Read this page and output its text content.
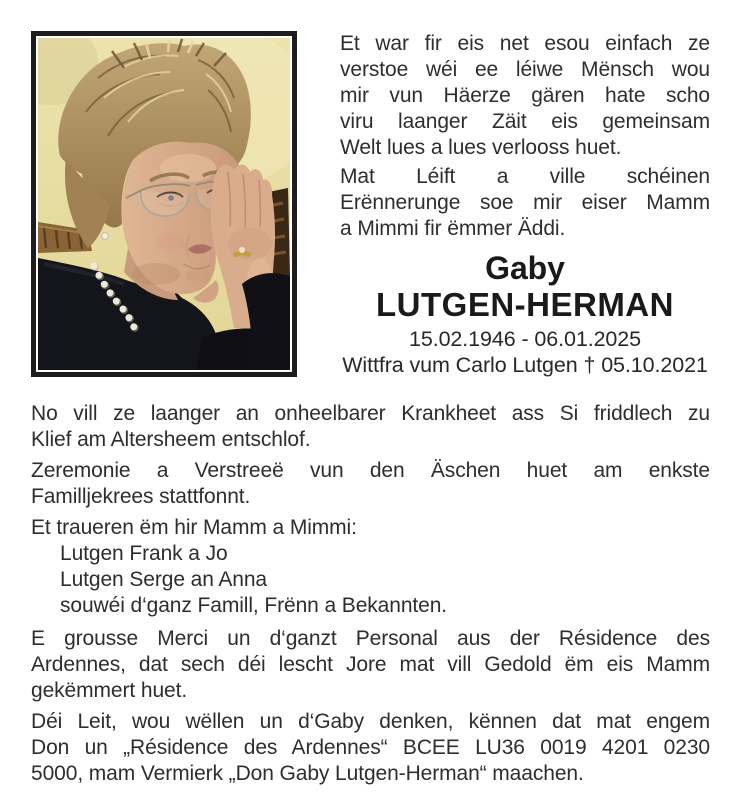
Et war fir eis net esou einfach ze
verstoe wéi ee léiwe Mënsch wou
mir vun Häerze gären hate scho
viru laanger Zäit eis gemeinsam
Welt lues a lues verlooss huet.
Mat Léift a ville schéinen
Erënnerunge soe mir eiser Mamm
a Mimmi fir ëmmer Äddi.
Gaby
LUTGEN-HERMAN
15.02.1946 - 06.01.2025
Wittfra vum Carlo Lutgen † 05.10.2021
No vill ze laanger an onheelbarer Krankheet ass Si friddlech zu
Klief am Altersheem entschlof.
Zeremonie a Verstreeë vun den Äschen huet am enkste
Familljekrees stattfonnt.
Et traueren ëm hir Mamm a Mimmi:
Lutgen Frank a Jo
Lutgen Serge an Anna
souwéi d‘ganz Famill, Frënn a Bekannten.
E grousse Merci un d‘ganzt Personal aus der Résidence des
Ardennes, dat sech déi lescht Jore mat vill Gedold ëm eis Mamm
gekëmmert huet.
Déi Leit, wou wëllen un d‘Gaby denken, kënnen dat mat engem
Don un „Résidence des Ardennes“ BCEE LU36 0019 4201 0230
5000, mam Vermierk „Don Gaby Lutgen-Herman“ maachen.
